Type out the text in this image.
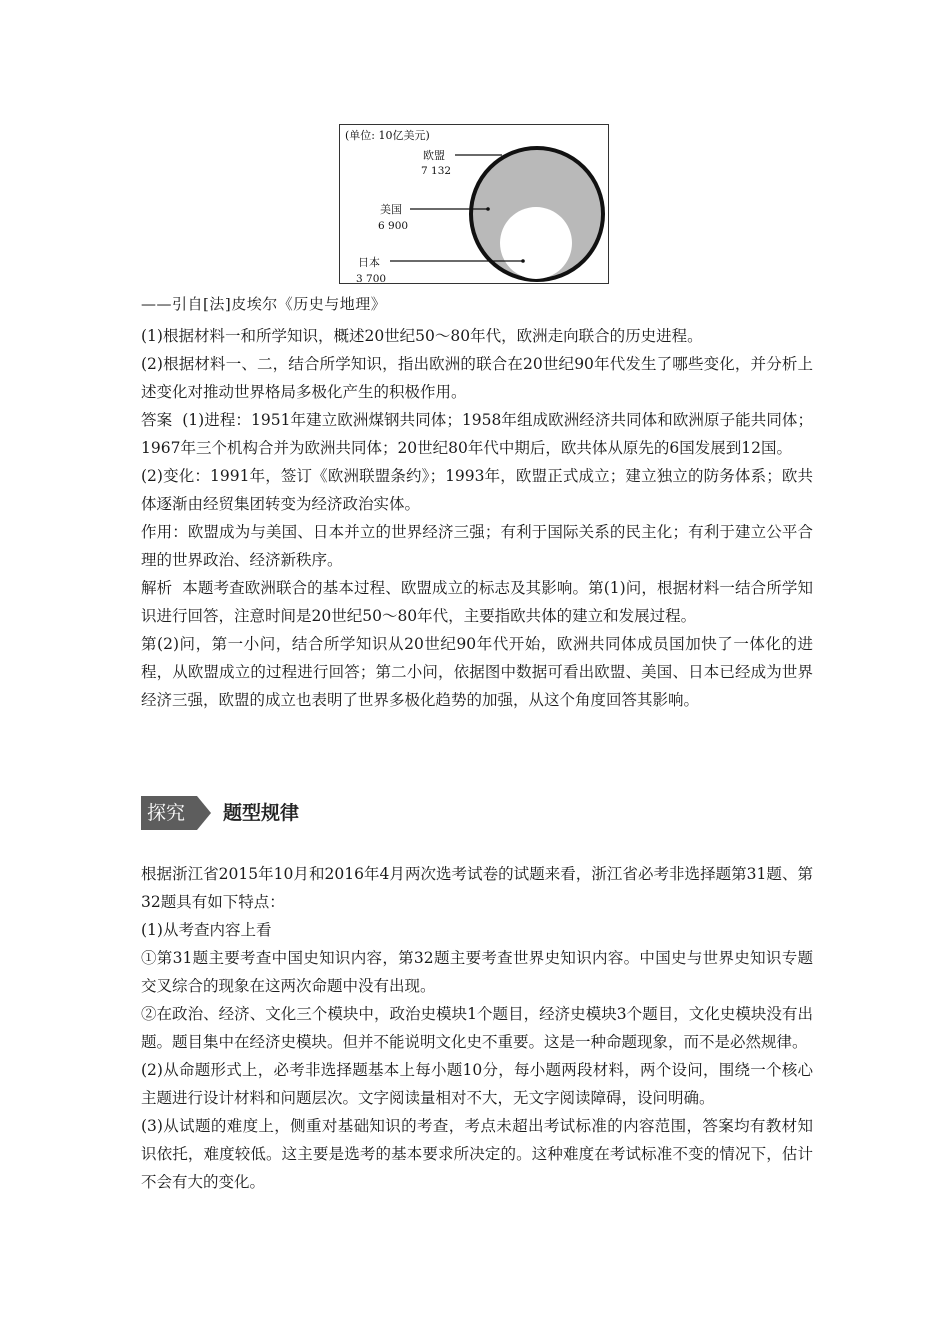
(单位: 10亿美元)
欧盟
7 132
美国
6 900
日本
3 700
——引自[法]皮埃尔《历史与地理》

(1)根据材料一和所学知识，概述20世纪50～80年代，欧洲走向联合的历史进程。

(2)根据材料一、二，结合所学知识，指出欧洲的联合在20世纪90年代发生了哪些变化，并分析上述变化对推动世界格局多极化产生的积极作用。

答案 (1)进程：1951年建立欧洲煤钢共同体；1958年组成欧洲经济共同体和欧洲原子能共同体；1967年三个机构合并为欧洲共同体；20世纪80年代中期后，欧共体从原先的6国发展到12国。

(2)变化：1991年，签订《欧洲联盟条约》；1993年，欧盟正式成立；建立独立的防务体系；欧共体逐渐由经贸集团转变为经济政治实体。

作用：欧盟成为与美国、日本并立的世界经济三强；有利于国际关系的民主化；有利于建立公平合理的世界政治、经济新秩序。

解析 本题考查欧洲联合的基本过程、欧盟成立的标志及其影响。第(1)问，根据材料一结合所学知识进行回答，注意时间是20世纪50～80年代，主要指欧共体的建立和发展过程。

第(2)问，第一小问，结合所学知识从20世纪90年代开始，欧洲共同体成员国加快了一体化的进程，从欧盟成立的过程进行回答；第二小问，依据图中数据可看出欧盟、美国、日本已经成为世界经济三强，欧盟的成立也表明了世界多极化趋势的加强，从这个角度回答其影响。

探究	题型规律

根据浙江省2015年10月和2016年4月两次选考试卷的试题来看，浙江省必考非选择题第31题、第32题具有如下特点：

(1)从考查内容上看

①第31题主要考查中国史知识内容，第32题主要考查世界史知识内容。中国史与世界史知识专题交叉综合的现象在这两次命题中没有出现。

②在政治、经济、文化三个模块中，政治史模块1个题目，经济史模块3个题目，文化史模块没有出题。题目集中在经济史模块。但并不能说明文化史不重要。这是一种命题现象，而不是必然规律。

(2)从命题形式上，必考非选择题基本上每小题10分，每小题两段材料，两个设问，围绕一个核心主题进行设计材料和问题层次。文字阅读量相对不大，无文字阅读障碍，设问明确。

(3)从试题的难度上，侧重对基础知识的考查，考点未超出考试标准的内容范围，答案均有教材知识依托，难度较低。这主要是选考的基本要求所决定的。这种难度在考试标准不变的情况下，估计不会有大的变化。
